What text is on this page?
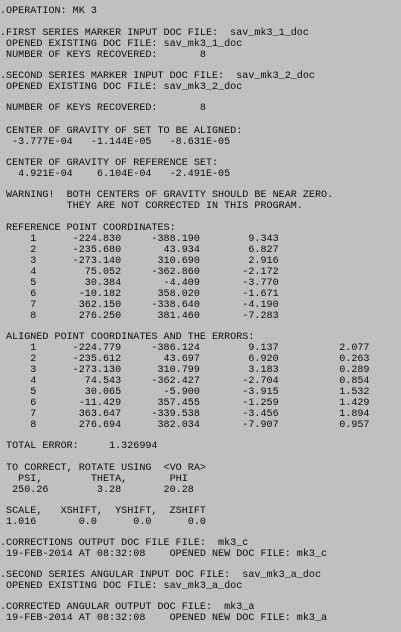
.OPERATION: MK 3
.FIRST SERIES MARKER INPUT DOC FILE:  sav_mk3_1_doc
OPENED EXISTING DOC FILE: sav_mk3_1_doc
NUMBER OF KEYS RECOVERED:       8
.SECOND SERIES MARKER INPUT DOC FILE:  sav_mk3_2_doc
OPENED EXISTING DOC FILE: sav_mk3_2_doc
NUMBER OF KEYS RECOVERED:       8
CENTER OF GRAVITY OF SET TO BE ALIGNED:
-3.777E-04   -1.144E-05   -8.631E-05
CENTER OF GRAVITY OF REFERENCE SET:
4.921E-04    6.104E-04   -2.491E-05
WARNING!  BOTH CENTERS OF GRAVITY SHOULD BE NEAR ZERO.
THEY ARE NOT CORRECTED IN THIS PROGRAM.
REFERENCE POINT COORDINATES:
1      -224.830     -388.190        9.343
2      -235.680       43.934        6.827
3      -273.140      310.690        2.916
4        75.052     -362.860       -2.172
5        30.384       -4.409       -3.770
6       -10.182      358.020       -1.671
7       362.150     -338.640       -4.190
8       276.250      381.460       -7.283
ALIGNED POINT COORDINATES AND THE ERRORS:
1      -224.779     -386.124        9.137          2.077
2      -235.612       43.697        6.920          0.263
3      -273.130      310.799        3.183          0.289
4        74.543     -362.427       -2.704          0.854
5        30.065       -5.900       -3.915          1.532
6       -11.429      357.455       -1.259          1.429
7       363.647     -339.538       -3.456          1.894
8       276.694      382.034       -7.907          0.957
TOTAL ERROR:     1.326994
TO CORRECT, ROTATE USING  <VO RA>
PSI,        THETA,       PHI
250.26        3.28       20.28
SCALE,   XSHIFT,  YSHIFT,  ZSHIFT
1.016       0.0      0.0      0.0
.CORRECTIONS OUTPUT DOC FILE FILE:  mk3_c
19-FEB-2014 AT 08:32:08    OPENED NEW DOC FILE: mk3_c
.SECOND SERIES ANGULAR INPUT DOC FILE:  sav_mk3_a_doc
OPENED EXISTING DOC FILE: sav_mk3_a_doc
.CORRECTED ANGULAR OUTPUT DOC FILE:  mk3_a
19-FEB-2014 AT 08:32:08    OPENED NEW DOC FILE: mk3_a
